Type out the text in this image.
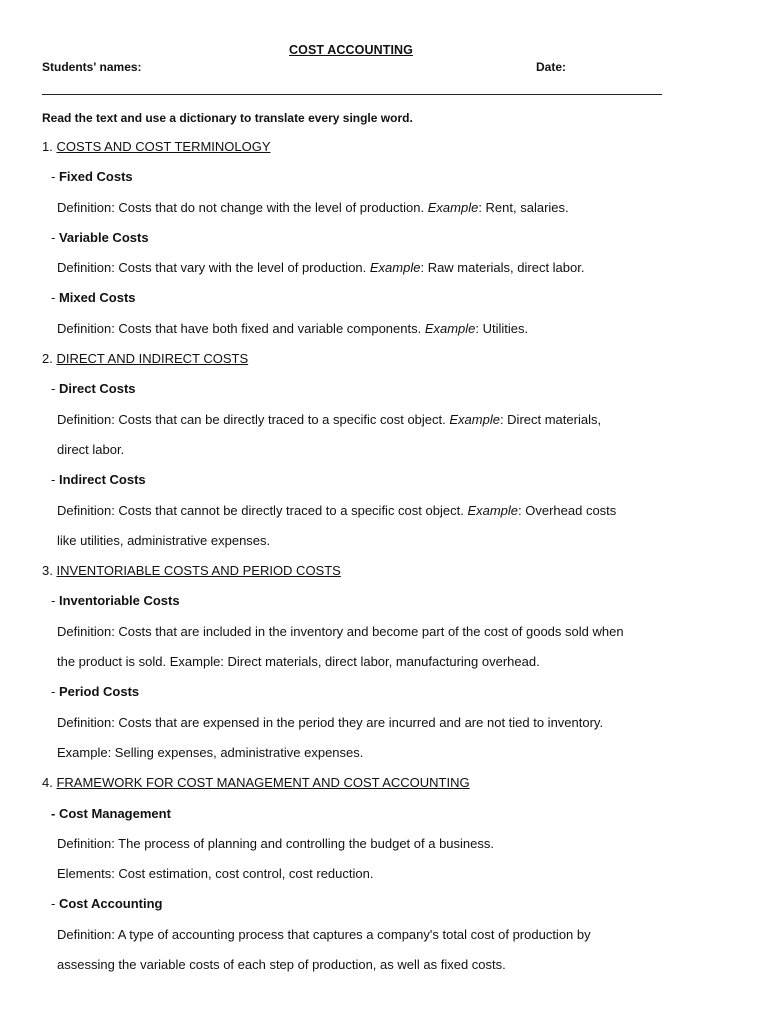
COST ACCOUNTING
Students' names:	Date:
Read the text and use a dictionary to translate every single word.
1. COSTS AND COST TERMINOLOGY
- Fixed Costs
Definition: Costs that do not change with the level of production. Example: Rent, salaries.
- Variable Costs
Definition: Costs that vary with the level of production. Example: Raw materials, direct labor.
- Mixed Costs
Definition: Costs that have both fixed and variable components. Example: Utilities.
2. DIRECT AND INDIRECT COSTS
- Direct Costs
Definition: Costs that can be directly traced to a specific cost object. Example: Direct materials,
direct labor.
- Indirect Costs
Definition: Costs that cannot be directly traced to a specific cost object. Example: Overhead costs
like utilities, administrative expenses.
3. INVENTORIABLE COSTS AND PERIOD COSTS
- Inventoriable Costs
Definition: Costs that are included in the inventory and become part of the cost of goods sold when
the product is sold. Example: Direct materials, direct labor, manufacturing overhead.
- Period Costs
Definition: Costs that are expensed in the period they are incurred and are not tied to inventory.
Example: Selling expenses, administrative expenses.
4. FRAMEWORK FOR COST MANAGEMENT AND COST ACCOUNTING
- Cost Management
Definition: The process of planning and controlling the budget of a business.
Elements: Cost estimation, cost control, cost reduction.
- Cost Accounting
Definition: A type of accounting process that captures a company's total cost of production by
assessing the variable costs of each step of production, as well as fixed costs.
